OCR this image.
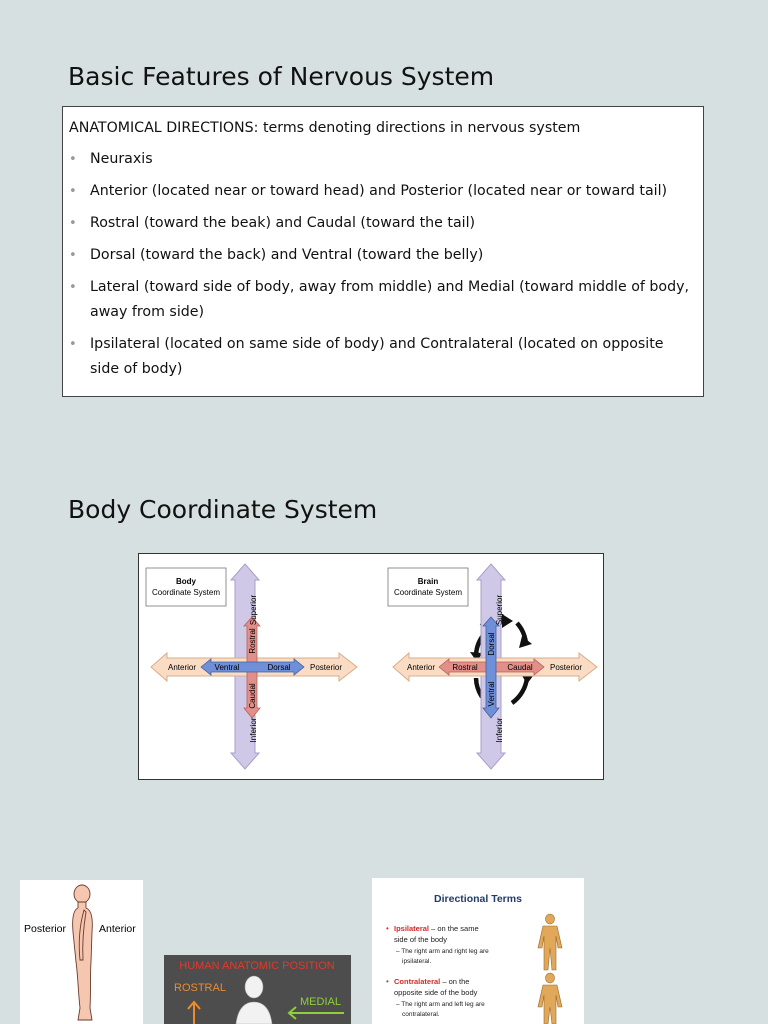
Basic Features of Nervous System

ANATOMICAL DIRECTIONS: terms denoting directions in nervous system

• Neuraxis
• Anterior (located near or toward head) and Posterior (located near or toward tail)
• Rostral (toward the beak) and Caudal (toward the tail)
• Dorsal (toward the back) and Ventral (toward the belly)
• Lateral (toward side of body, away from middle) and Medial (toward middle of body, away from side)
• Ipsilateral (located on same side of body) and Contralateral (located on opposite side of body)
Body Coordinate System
Body
Coordinate System
Superior
Inferior
Rostral
Caudal
Anterior	Posterior
Ventral	Dorsal
Brain
Coordinate System
Superior
Inferior
Dorsal
Ventral
Anterior	Posterior
Rostral	Caudal
Posterior	Anterior
HUMAN ANATOMIC POSITION
ROSTRAL
MEDIAL
Directional Terms
• Ipsilateral – on the same
side of the body
– The right arm and right leg are
ipsilateral.
• Contralateral – on the
opposite side of the body
– The right arm and left leg are
contralateral.
